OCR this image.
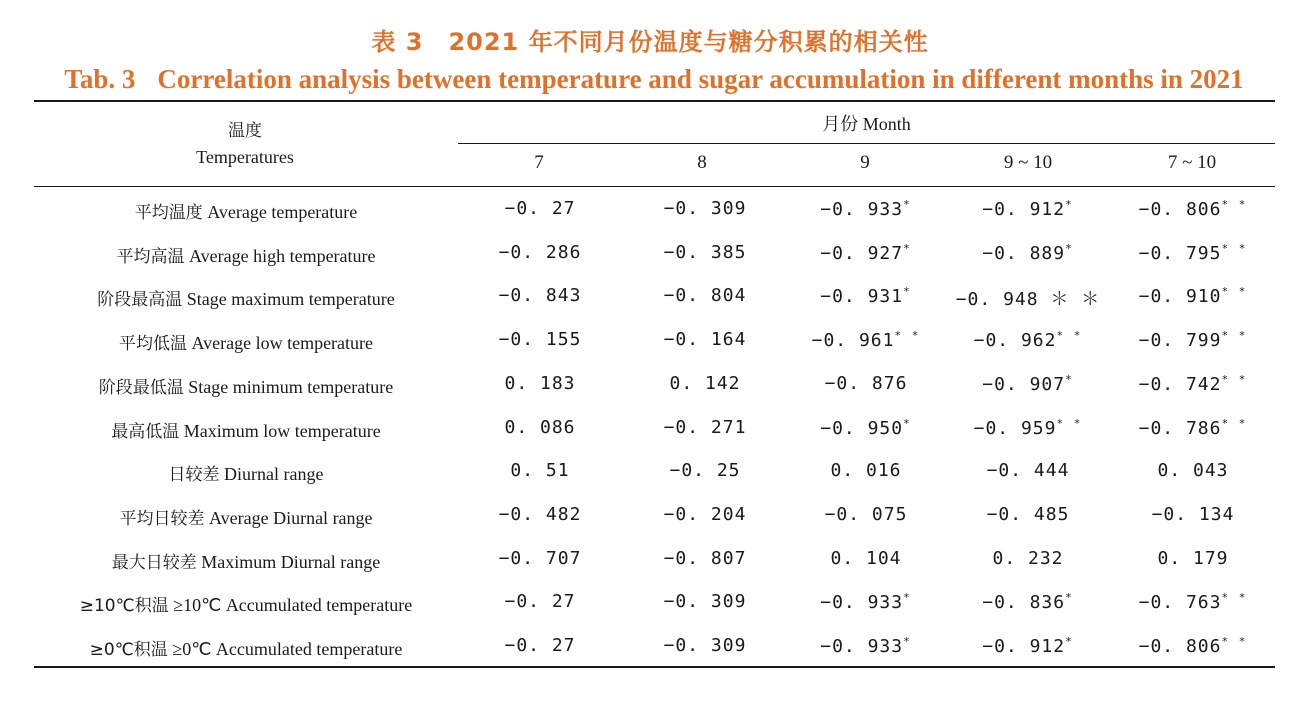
表 3　2021 年不同月份温度与糖分积累的相关性
Tab. 3 Correlation analysis between temperature and sugar accumulation in different months in 2021
温度
Temperatures
月份 Month
7	8	9	9 ~ 10	7 ~ 10
平均温度 Average temperature	−0. 27	−0. 309	−0. 933*	−0. 912*	−0. 806* *
平均高温 Average high temperature	−0. 286	−0. 385	−0. 927*	−0. 889*	−0. 795* *
阶段最高温 Stage maximum temperature	−0. 843	−0. 804	−0. 931*	−0. 948 ＊ ＊	−0. 910* *
平均低温 Average low temperature	−0. 155	−0. 164	−0. 961* *	−0. 962* *	−0. 799* *
阶段最低温 Stage minimum temperature	0. 183	0. 142	−0. 876	−0. 907*	−0. 742* *
最高低温 Maximum low temperature	0. 086	−0. 271	−0. 950*	−0. 959* *	−0. 786* *
日较差 Diurnal range	0. 51	−0. 25	0. 016	−0. 444	0. 043
平均日较差 Average Diurnal range	−0. 482	−0. 204	−0. 075	−0. 485	−0. 134
最大日较差 Maximum Diurnal range	−0. 707	−0. 807	0. 104	0. 232	0. 179
≥10℃积温 ≥10℃ Accumulated temperature	−0. 27	−0. 309	−0. 933*	−0. 836*	−0. 763* *
≥0℃积温 ≥0℃ Accumulated temperature	−0. 27	−0. 309	−0. 933*	−0. 912*	−0. 806* *
